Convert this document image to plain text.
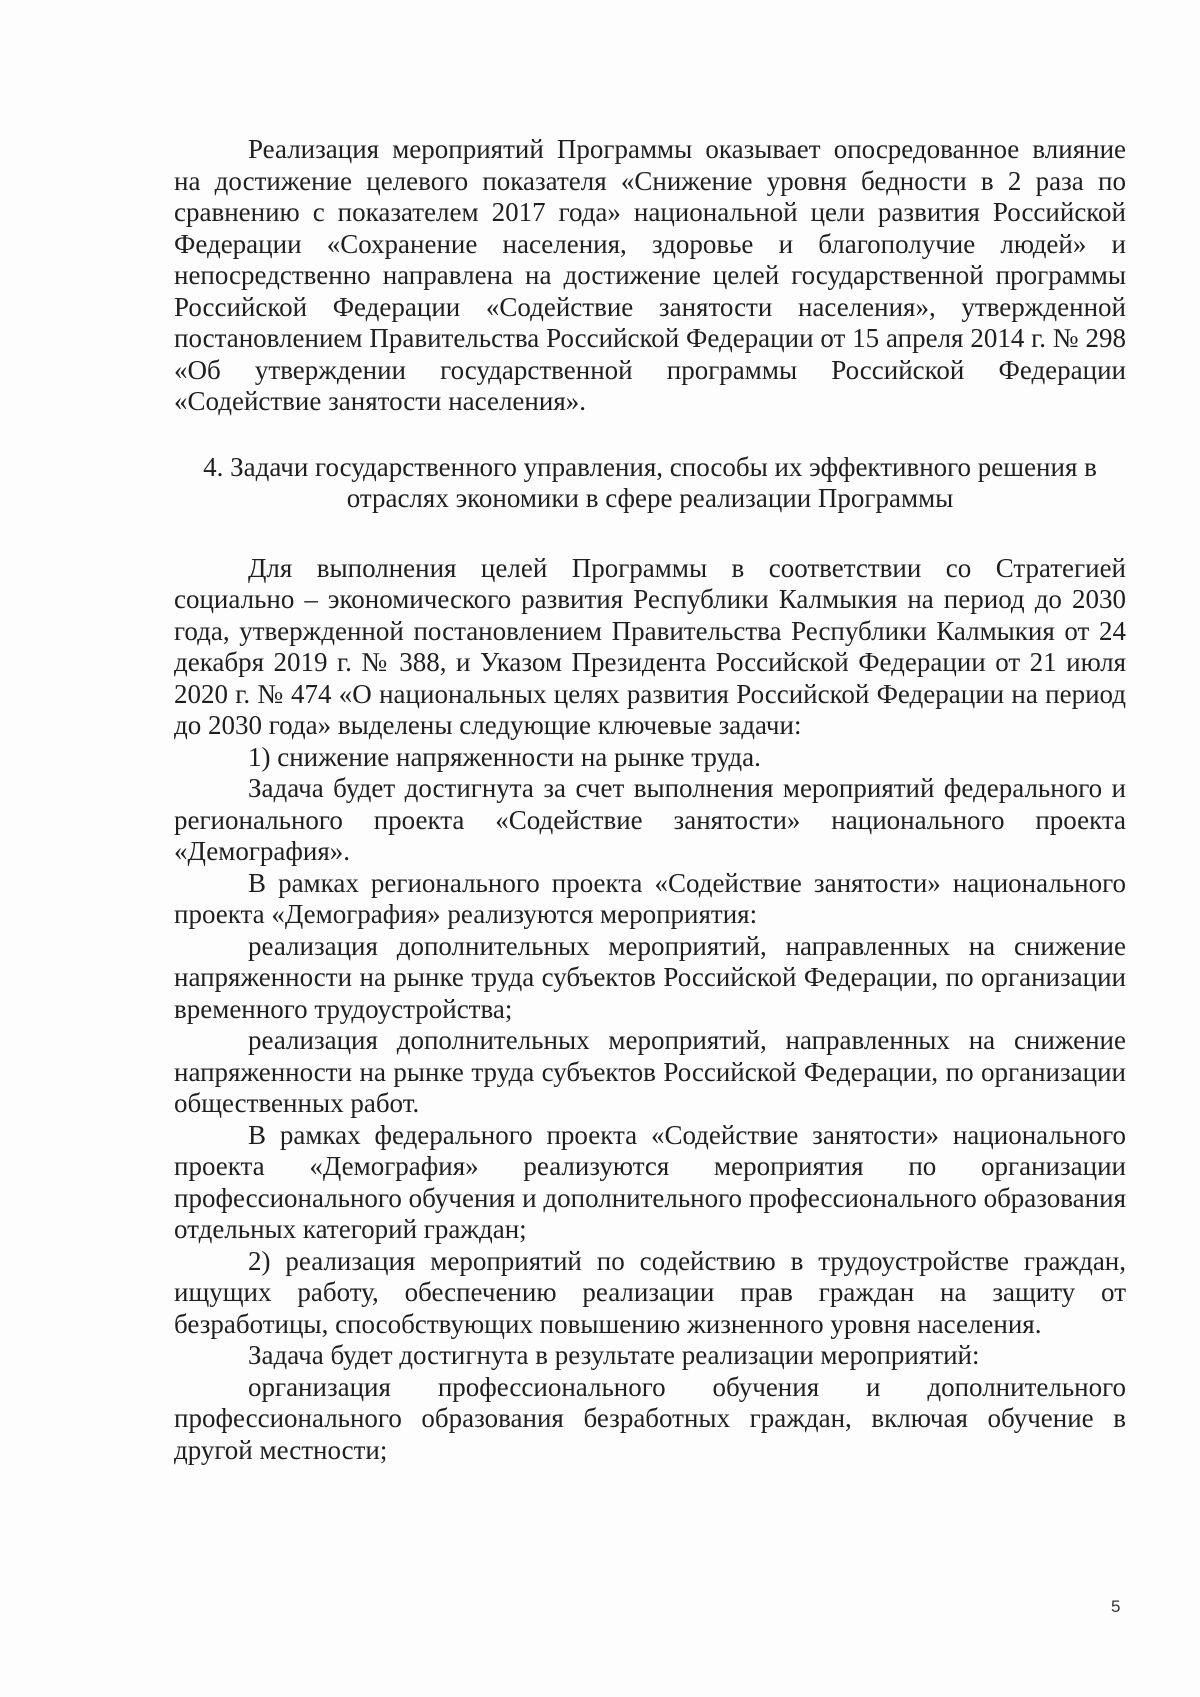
Реализация мероприятий Программы оказывает опосредованное влияние на достижение целевого показателя «Снижение уровня бедности в 2 раза по сравнению с показателем 2017 года» национальной цели развития Российской Федерации «Сохранение населения, здоровье и благополучие людей» и непосредственно направлена на достижение целей государственной программы Российской Федерации «Содействие занятости населения», утвержденной постановлением Правительства Российской Федерации от 15 апреля 2014 г. № 298 «Об утверждении государственной программы Российской Федерации «Содействие занятости населения».

4. Задачи государственного управления, способы их эффективного решения в
отраслях экономики в сфере реализации Программы

Для выполнения целей Программы в соответствии со Стратегией социально – экономического развития Республики Калмыкия на период до 2030 года, утвержденной постановлением Правительства Республики Калмыкия от 24 декабря 2019 г. № 388, и Указом Президента Российской Федерации от 21 июля 2020 г. № 474 «О национальных целях развития Российской Федерации на период до 2030 года» выделены следующие ключевые задачи:

1) снижение напряженности на рынке труда.

Задача будет достигнута за счет выполнения мероприятий федерального и регионального проекта «Содействие занятости» национального проекта «Демография».

В рамках регионального проекта «Содействие занятости» национального проекта «Демография» реализуются мероприятия:

реализация дополнительных мероприятий, направленных на снижение напряженности на рынке труда субъектов Российской Федерации, по организации временного трудоустройства;

реализация дополнительных мероприятий, направленных на снижение напряженности на рынке труда субъектов Российской Федерации, по организации общественных работ.

В рамках федерального проекта «Содействие занятости» национального проекта «Демография» реализуются мероприятия по организации профессионального обучения и дополнительного профессионального образования отдельных категорий граждан;

2) реализация мероприятий по содействию в трудоустройстве граждан, ищущих работу, обеспечению реализации прав граждан на защиту от безработицы, способствующих повышению жизненного уровня населения.

Задача будет достигнута в результате реализации мероприятий:

организация профессионального обучения и дополнительного профессионального образования безработных граждан, включая обучение в другой местности;

5
